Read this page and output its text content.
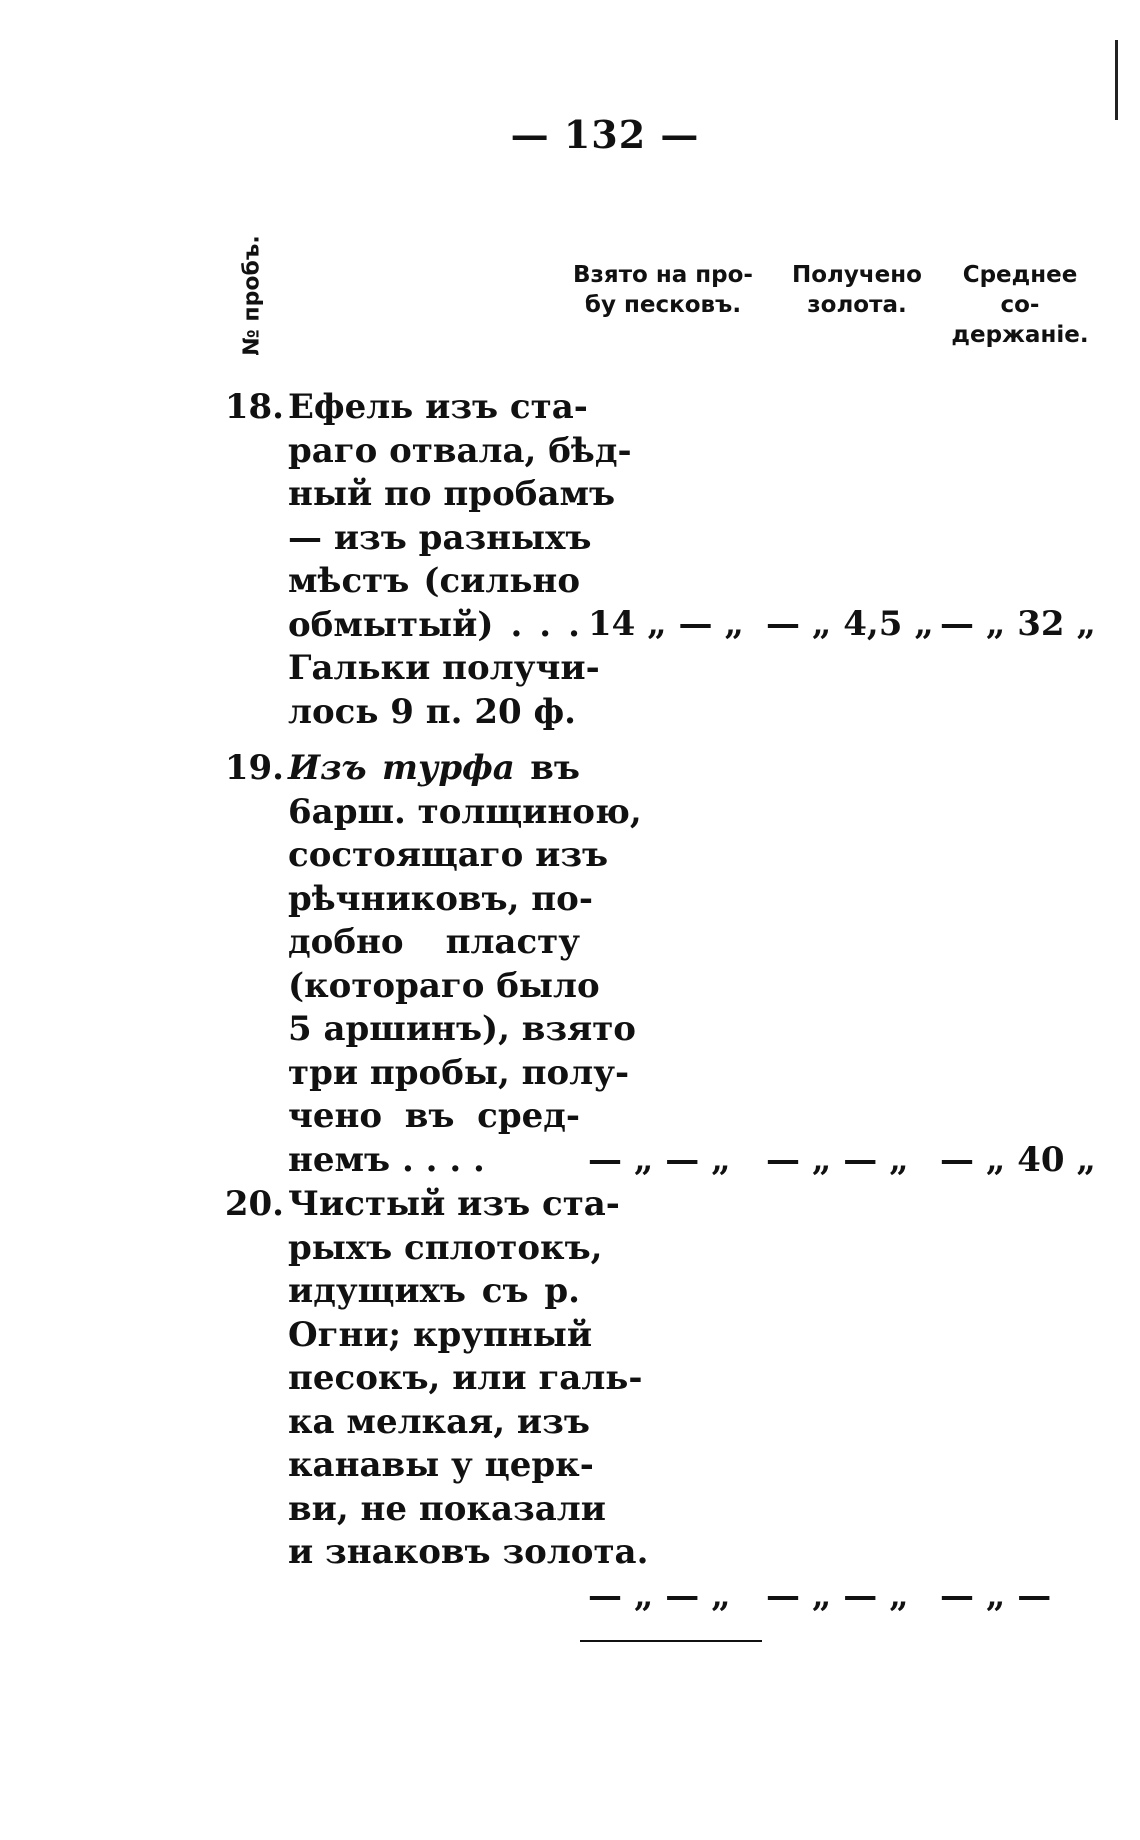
— 132 —
№ пробъ.	Взято на про-
бу песковъ.
Получено
золота.
Среднее со-
держаніе.
18. Ефель изъ ста-
раго отвала, бѣд-
ный по пробамъ
— изъ разныхъ
мѣстъ (сильно
обмытый) . . .
Гальки получи-
лось 9 п. 20 ф.
14 „ — „ — „ 4,5 „ — „ 32 „
19. Изъ турфа въ
6арш. толщиною,
состоящаго изъ
рѣчниковъ, по-
добно пласту
(котораго было
5 аршинъ), взято
три пробы, полу-
чено въ сред-
немъ . . . .	— „ — „ — „ — „ — „ 40 „
20. Чистый изъ ста-
рыхъ сплотокъ,
идущихъ съ р.
Огни; крупный
песокъ, или галь-
ка мелкая, изъ
канавы у церк-
ви, не показали
и знаковъ золота.
— „ — „ — „ — „ — „ —
